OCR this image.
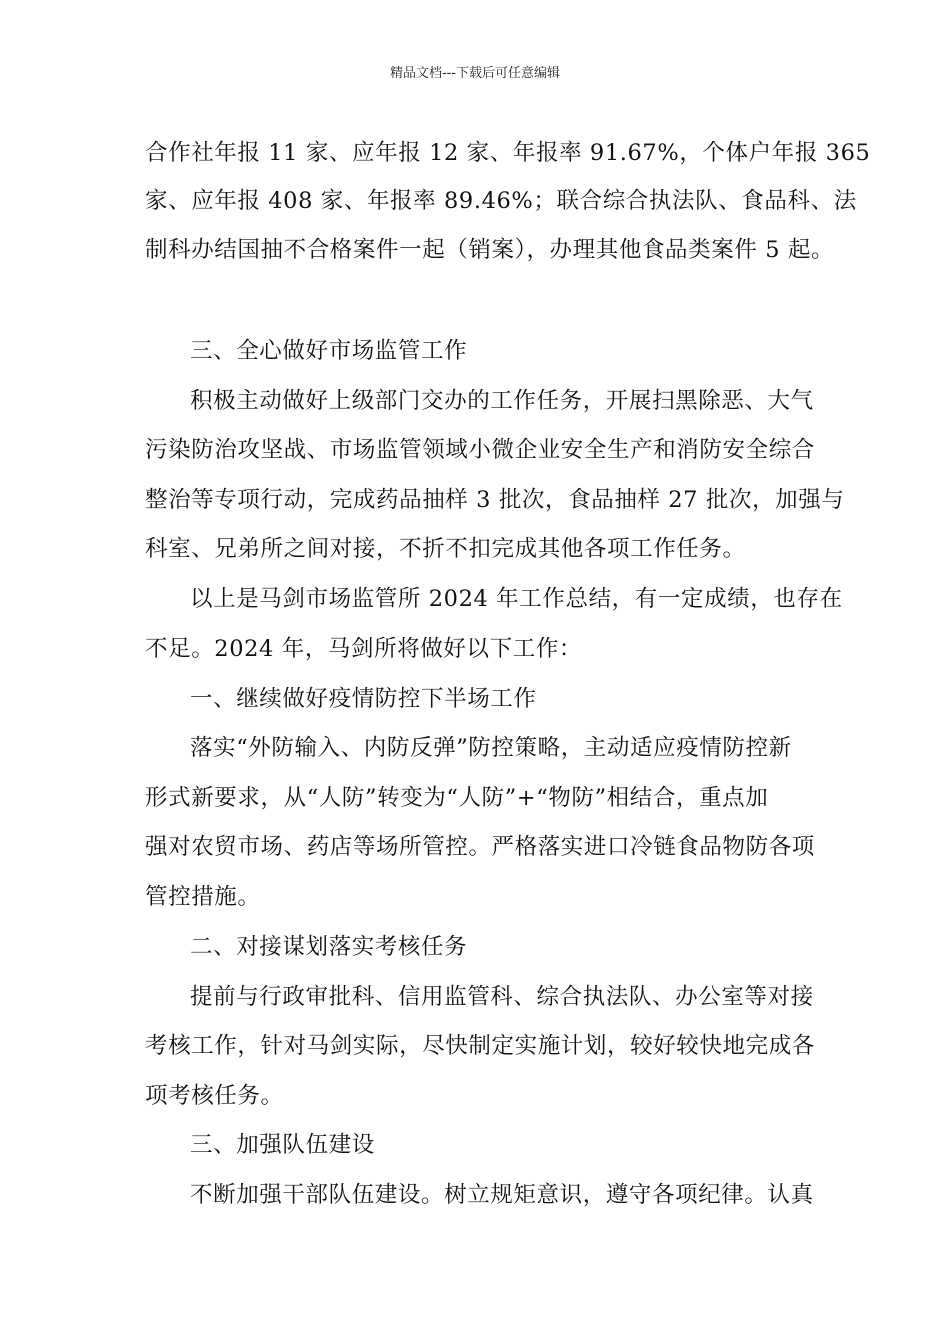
精品文档---下载后可任意编辑
合作社年报 11 家、应年报 12 家、年报率 91.67%，个体户年报 365
家、应年报 408 家、年报率 89.46%；联合综合执法队、食品科、法
制科办结国抽不合格案件一起（销案），办理其他食品类案件 5 起。
三、全心做好市场监管工作
积极主动做好上级部门交办的工作任务，开展扫黑除恶、大气
污染防治攻坚战、市场监管领域小微企业安全生产和消防安全综合
整治等专项行动，完成药品抽样 3 批次，食品抽样 27 批次，加强与
科室、兄弟所之间对接，不折不扣完成其他各项工作任务。
以上是马剑市场监管所 2024 年工作总结，有一定成绩，也存在
不足。2024 年，马剑所将做好以下工作：
一、继续做好疫情防控下半场工作
落实“外防输入、内防反弹”防控策略，主动适应疫情防控新
形式新要求，从“人防”转变为“人防”+“物防”相结合，重点加
强对农贸市场、药店等场所管控。严格落实进口冷链食品物防各项
管控措施。
二、对接谋划落实考核任务
提前与行政审批科、信用监管科、综合执法队、办公室等对接
考核工作，针对马剑实际，尽快制定实施计划，较好较快地完成各
项考核任务。
三、加强队伍建设
不断加强干部队伍建设。树立规矩意识，遵守各项纪律。认真
